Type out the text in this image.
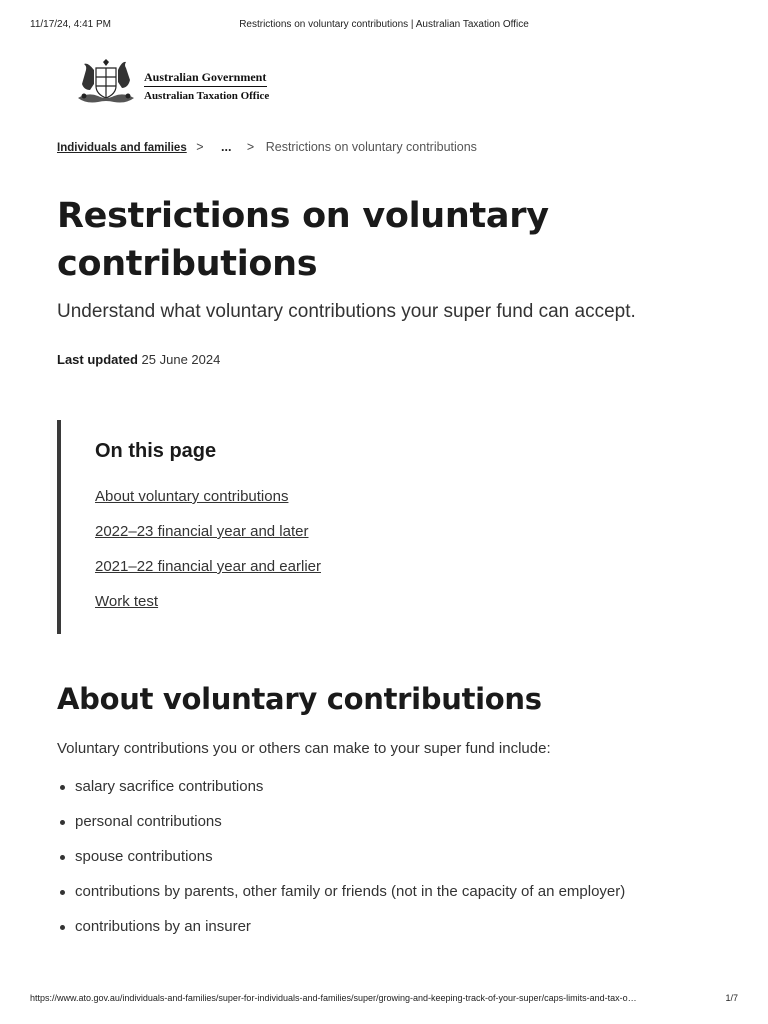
11/17/24, 4:41 PM	Restrictions on voluntary contributions | Australian Taxation Office
Australian Government
Australian Taxation Office
Individuals and families > ... > Restrictions on voluntary contributions
Restrictions on voluntary contributions

Understand what voluntary contributions your super fund can accept.

Last updated 25 June 2024
On this page
About voluntary contributions
2022–23 financial year and later
2021–22 financial year and earlier
Work test
About voluntary contributions

Voluntary contributions you or others can make to your super fund include:

salary sacrifice contributions
personal contributions
spouse contributions
contributions by parents, other family or friends (not in the capacity of an employer)
contributions by an insurer
https://www.ato.gov.au/individuals-and-families/super-for-individuals-and-families/super/growing-and-keeping-track-of-your-super/caps-limits-and-tax-o…	1/7
